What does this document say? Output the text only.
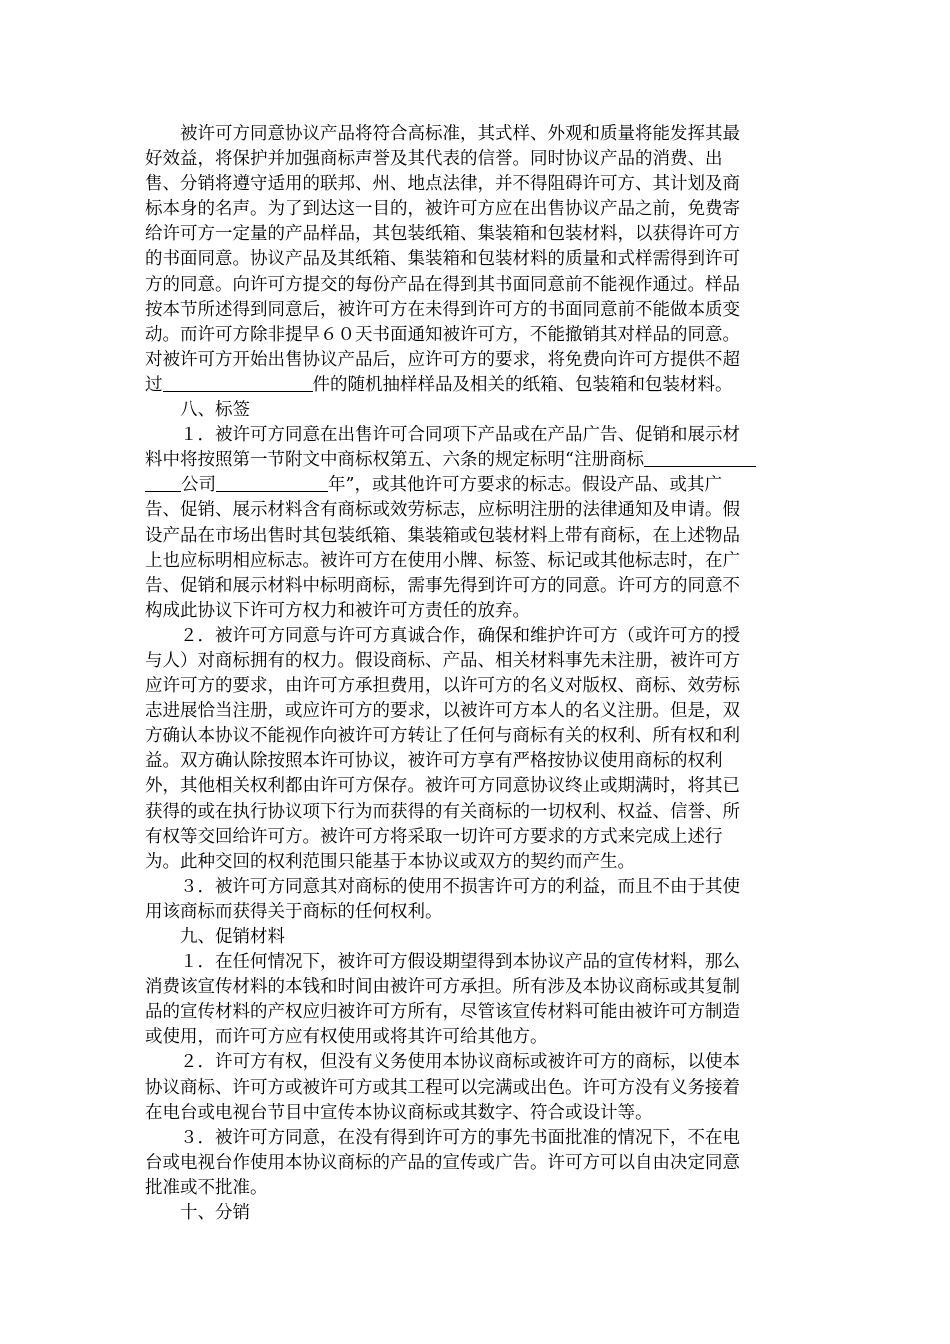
被许可方同意协议产品将符合高标准，其式样、外观和质量将能发挥其最
好效益，将保护并加强商标声誉及其代表的信誉。同时协议产品的消费、出
售、分销将遵守适用的联邦、州、地点法律，并不得阻碍许可方、其计划及商
标本身的名声。为了到达这一目的，被许可方应在出售协议产品之前，免费寄
给许可方一定量的产品样品，其包装纸箱、集装箱和包装材料，以获得许可方
的书面同意。协议产品及其纸箱、集装箱和包装材料的质量和式样需得到许可
方的同意。向许可方提交的每份产品在得到其书面同意前不能视作通过。样品
按本节所述得到同意后，被许可方在未得到许可方的书面同意前不能做本质变
动。而许可方除非提早６０天书面通知被许可方，不能撤销其对样品的同意。
对被许可方开始出售协议产品后，应许可方的要求，将免费向许可方提供不超
过	件的随机抽样样品及相关的纸箱、包装箱和包装材料。
八、标签
１．被许可方同意在出售许可合同项下产品或在产品广告、促销和展示材
料中将按照第一节附文中商标权第五、六条的规定标明“注册商标
公司	年”，或其他许可方要求的标志。假设产品、或其广
告、促销、展示材料含有商标或效劳标志，应标明注册的法律通知及申请。假
设产品在市场出售时其包装纸箱、集装箱或包装材料上带有商标，在上述物品
上也应标明相应标志。被许可方在使用小牌、标签、标记或其他标志时，在广
告、促销和展示材料中标明商标，需事先得到许可方的同意。许可方的同意不
构成此协议下许可方权力和被许可方责任的放弃。
２．被许可方同意与许可方真诚合作，确保和维护许可方（或许可方的授
与人）对商标拥有的权力。假设商标、产品、相关材料事先未注册，被许可方
应许可方的要求，由许可方承担费用，以许可方的名义对版权、商标、效劳标
志进展恰当注册，或应许可方的要求，以被许可方本人的名义注册。但是，双
方确认本协议不能视作向被许可方转让了任何与商标有关的权利、所有权和利
益。双方确认除按照本许可协议，被许可方享有严格按协议使用商标的权利
外，其他相关权利都由许可方保存。被许可方同意协议终止或期满时，将其已
获得的或在执行协议项下行为而获得的有关商标的一切权利、权益、信誉、所
有权等交回给许可方。被许可方将采取一切许可方要求的方式来完成上述行
为。此种交回的权利范围只能基于本协议或双方的契约而产生。
３．被许可方同意其对商标的使用不损害许可方的利益，而且不由于其使
用该商标而获得关于商标的任何权利。
九、促销材料
１．在任何情况下，被许可方假设期望得到本协议产品的宣传材料，那么
消费该宣传材料的本钱和时间由被许可方承担。所有涉及本协议商标或其复制
品的宣传材料的产权应归被许可方所有，尽管该宣传材料可能由被许可方制造
或使用，而许可方应有权使用或将其许可给其他方。
２．许可方有权，但没有义务使用本协议商标或被许可方的商标，以使本
协议商标、许可方或被许可方或其工程可以完满或出色。许可方没有义务接着
在电台或电视台节目中宣传本协议商标或其数字、符合或设计等。
３．被许可方同意，在没有得到许可方的事先书面批准的情况下，不在电
台或电视台作使用本协议商标的产品的宣传或广告。许可方可以自由决定同意
批准或不批准。
十、分销
